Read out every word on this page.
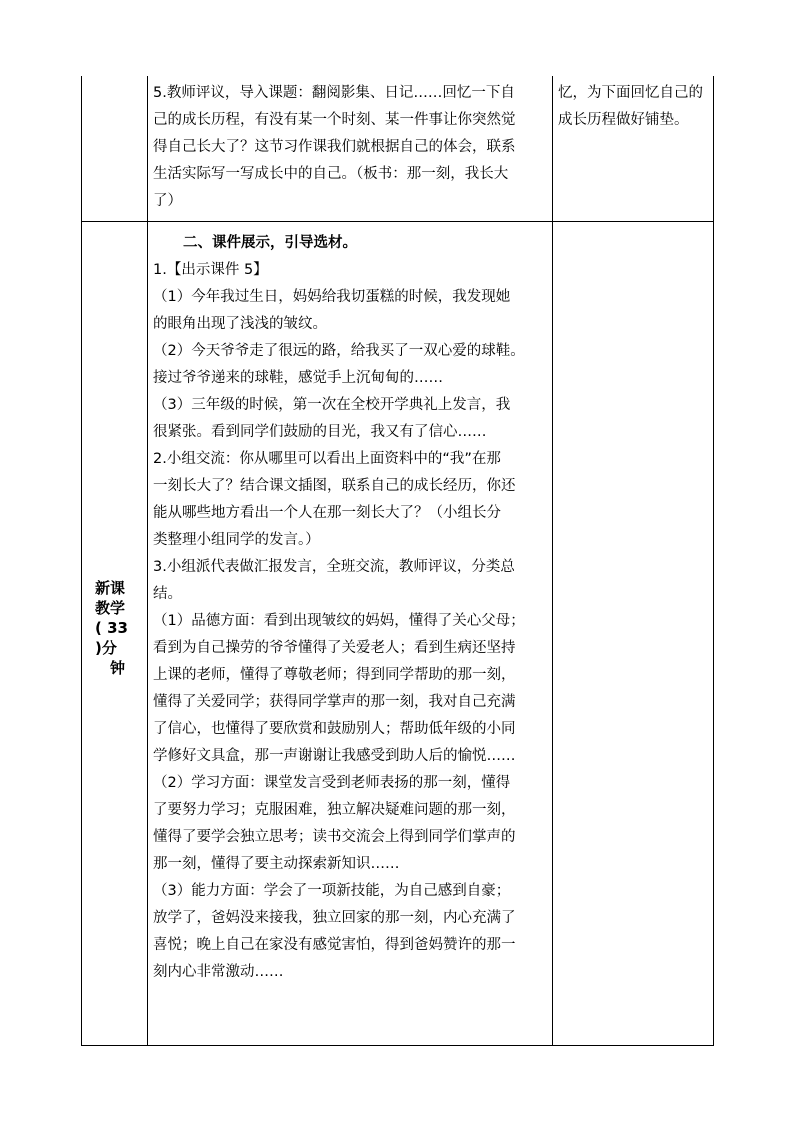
5.教师评议，导入课题：翻阅影集、日记……回忆一下自
己的成长历程，有没有某一个时刻、某一件事让你突然觉
得自己长大了？这节习作课我们就根据自己的体会，联系
生活实际写一写成长中的自己。（板书：那一刻，我长大
了）
忆，为下面回忆自己的
成长历程做好铺垫。
新课
教学
( 33
)分
钟
二、课件展示，引导选材。
1.【出示课件 5】
（1）今年我过生日，妈妈给我切蛋糕的时候，我发现她
的眼角出现了浅浅的皱纹。
（2）今天爷爷走了很远的路，给我买了一双心爱的球鞋。
接过爷爷递来的球鞋，感觉手上沉甸甸的……
（3）三年级的时候，第一次在全校开学典礼上发言，我
很紧张。看到同学们鼓励的目光，我又有了信心……
2.小组交流：你从哪里可以看出上面资料中的“我”在那
一刻长大了？结合课文插图，联系自己的成长经历，你还
能从哪些地方看出一个人在那一刻长大了？（小组长分
类整理小组同学的发言。）
3.小组派代表做汇报发言，全班交流，教师评议，分类总
结。
（1）品德方面：看到出现皱纹的妈妈，懂得了关心父母；
看到为自己操劳的爷爷懂得了关爱老人；看到生病还坚持
上课的老师，懂得了尊敬老师；得到同学帮助的那一刻，
懂得了关爱同学；获得同学掌声的那一刻，我对自己充满
了信心，也懂得了要欣赏和鼓励别人；帮助低年级的小同
学修好文具盒，那一声谢谢让我感受到助人后的愉悦……
（2）学习方面：课堂发言受到老师表扬的那一刻，懂得
了要努力学习；克服困难，独立解决疑难问题的那一刻，
懂得了要学会独立思考；读书交流会上得到同学们掌声的
那一刻，懂得了要主动探索新知识……
（3）能力方面：学会了一项新技能，为自己感到自豪；
放学了，爸妈没来接我，独立回家的那一刻，内心充满了
喜悦；晚上自己在家没有感觉害怕，得到爸妈赞许的那一
刻内心非常激动……
